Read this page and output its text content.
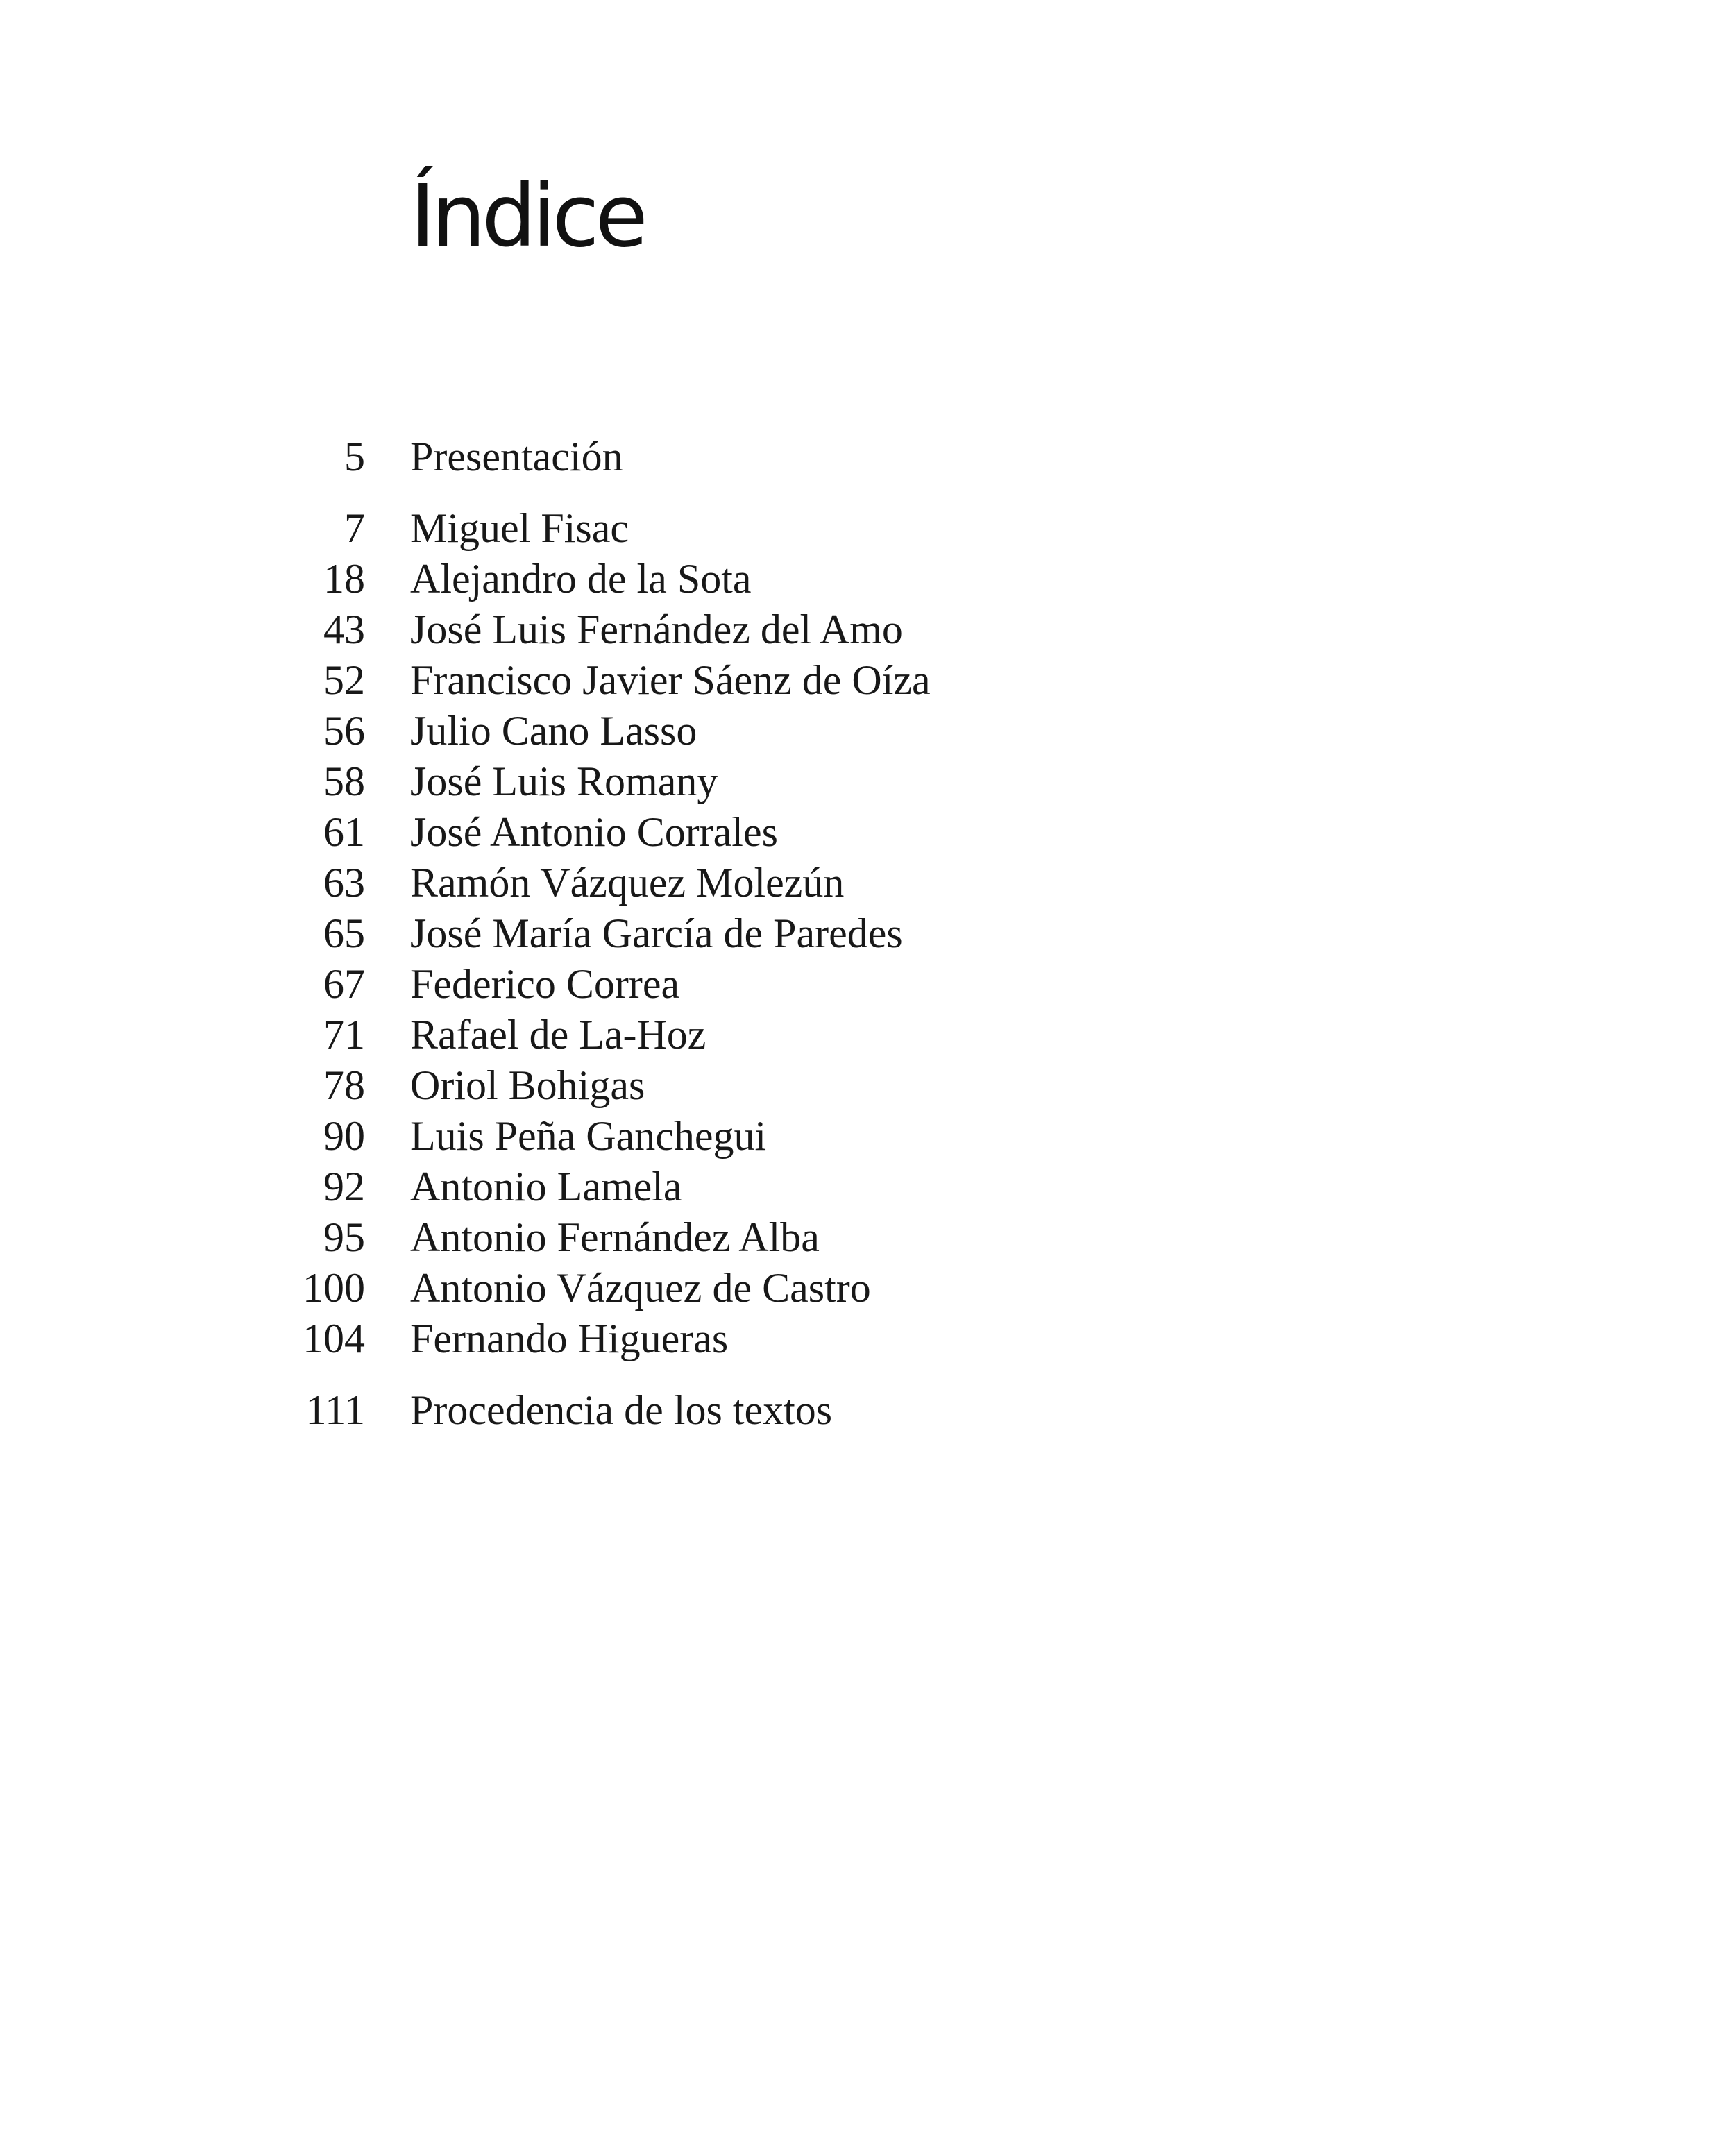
Índice
5 Presentación
7 Miguel Fisac
18 Alejandro de la Sota
43 José Luis Fernández del Amo
52 Francisco Javier Sáenz de Oíza
56 Julio Cano Lasso
58 José Luis Romany
61 José Antonio Corrales
63 Ramón Vázquez Molezún
65 José María García de Paredes
67 Federico Correa
71 Rafael de La-Hoz
78 Oriol Bohigas
90 Luis Peña Ganchegui
92 Antonio Lamela
95 Antonio Fernández Alba
100 Antonio Vázquez de Castro
104 Fernando Higueras
111 Procedencia de los textos
